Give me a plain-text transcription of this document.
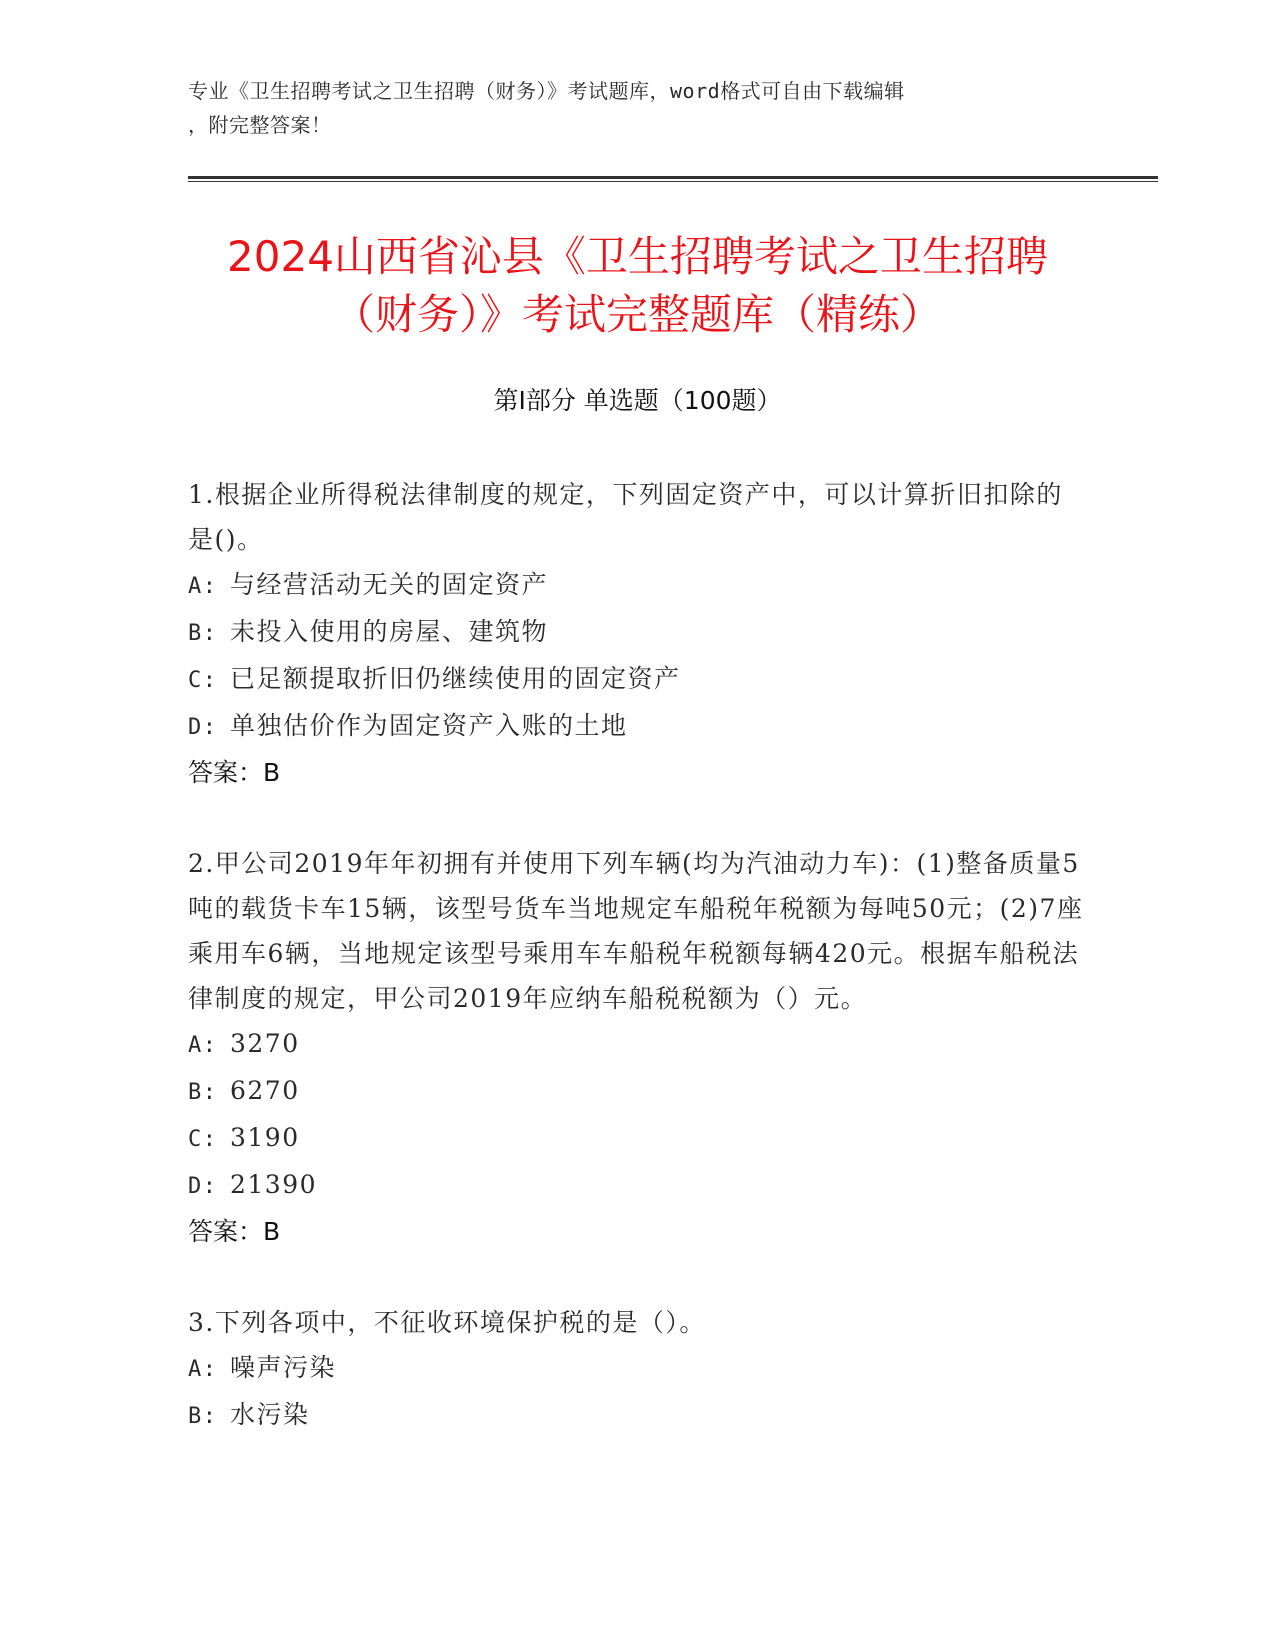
专业《卫生招聘考试之卫生招聘（财务）》考试题库，word格式可自由下载编辑
，附完整答案！
2024山西省沁县《卫生招聘考试之卫生招聘
（财务）》考试完整题库（精练）
第Ⅰ部分 单选题（100题）

1.根据企业所得税法律制度的规定，下列固定资产中，可以计算折旧扣除的是()。

A: 与经营活动无关的固定资产

B: 未投入使用的房屋、建筑物

C: 已足额提取折旧仍继续使用的固定资产

D: 单独估价作为固定资产入账的土地

答案：B

2.甲公司2019年年初拥有并使用下列车辆(均为汽油动力车)：(1)整备质量5吨的载货卡车15辆，该型号货车当地规定车船税年税额为每吨50元；(2)7座乘用车6辆，当地规定该型号乘用车车船税年税额每辆420元。根据车船税法律制度的规定，甲公司2019年应纳车船税税额为（）元。

A: 3270

B: 6270

C: 3190

D: 21390

答案：B

3.下列各项中，不征收环境保护税的是（）。

A: 噪声污染

B: 水污染
